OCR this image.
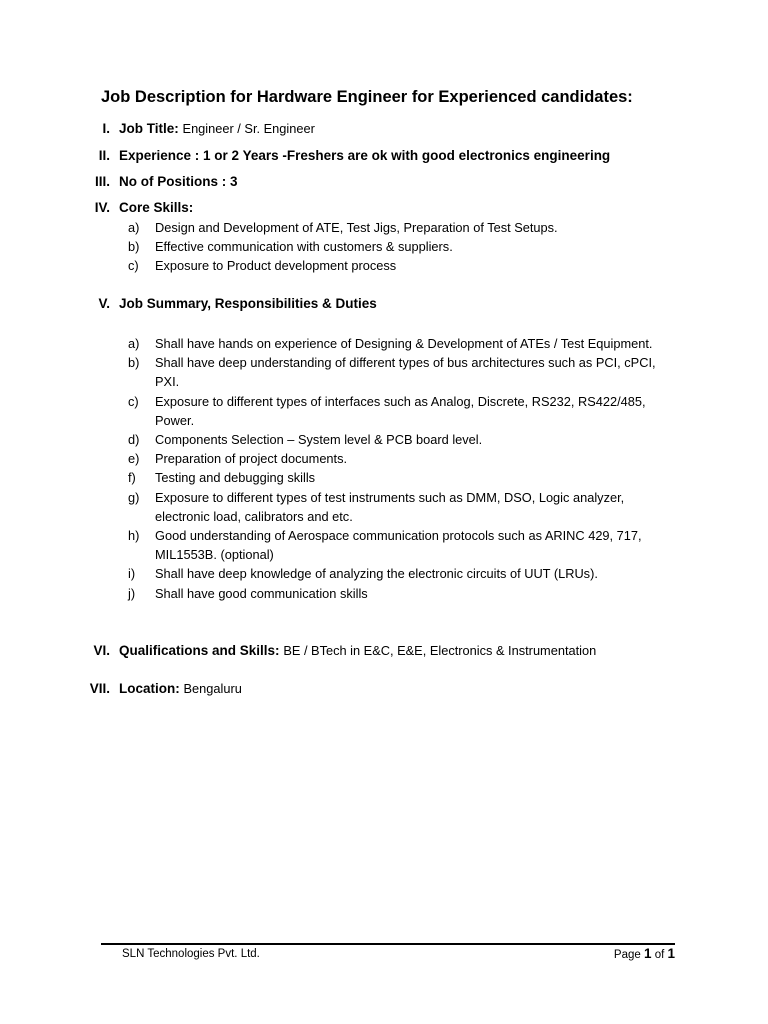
Job Description for Hardware Engineer for Experienced candidates:
I. Job Title: Engineer / Sr. Engineer
II. Experience : 1 or 2 Years -Freshers are ok with good electronics engineering
III. No of Positions : 3
IV. Core Skills:
a) Design and Development of ATE, Test Jigs, Preparation of Test Setups.
b) Effective communication with customers & suppliers.
c) Exposure to Product development process
V. Job Summary, Responsibilities & Duties
a) Shall have hands on experience of Designing & Development of ATEs / Test Equipment.
b) Shall have deep understanding of different types of bus architectures such as PCI, cPCI, PXI.
c) Exposure to different types of interfaces such as Analog, Discrete, RS232, RS422/485, Power.
d) Components Selection – System level & PCB board level.
e) Preparation of project documents.
f) Testing and debugging skills
g) Exposure to different types of test instruments such as DMM, DSO, Logic analyzer, electronic load, calibrators and etc.
h) Good understanding of Aerospace communication protocols such as ARINC 429, 717, MIL1553B. (optional)
i) Shall have deep knowledge of analyzing the electronic circuits of UUT (LRUs).
j) Shall have good communication skills
VI. Qualifications and Skills: BE / BTech in E&C, E&E, Electronics & Instrumentation
VII. Location: Bengaluru
SLN Technologies Pvt. Ltd.	Page 1 of 1
